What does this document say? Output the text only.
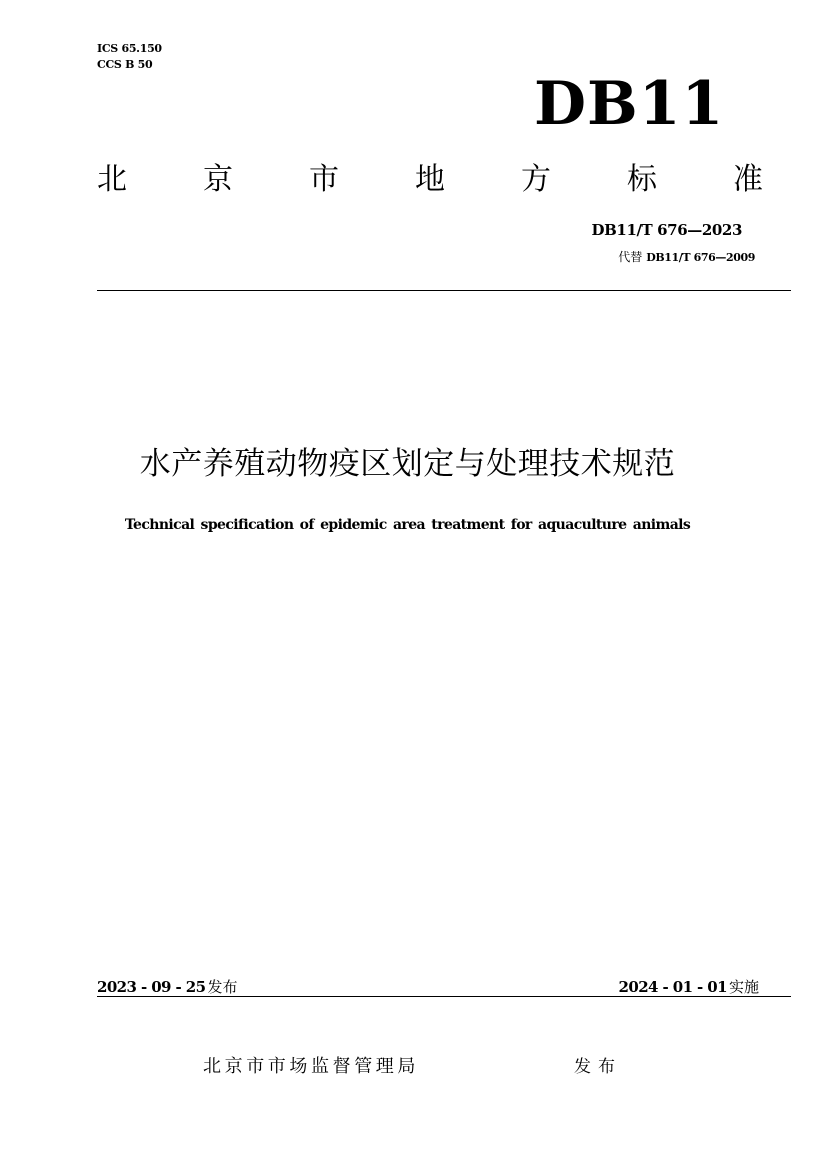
ICS 65.150
CCS B 50
DB11
北	京	市	地	方	标	准
DB11/T 676—2023
代替 DB11/T 676—2009
水产养殖动物疫区划定与处理技术规范
Technical specification of epidemic area treatment for aquaculture animals
2023 - 09 - 25 发布	2024 - 01 - 01 实施
北京市市场监督管理局	发布
